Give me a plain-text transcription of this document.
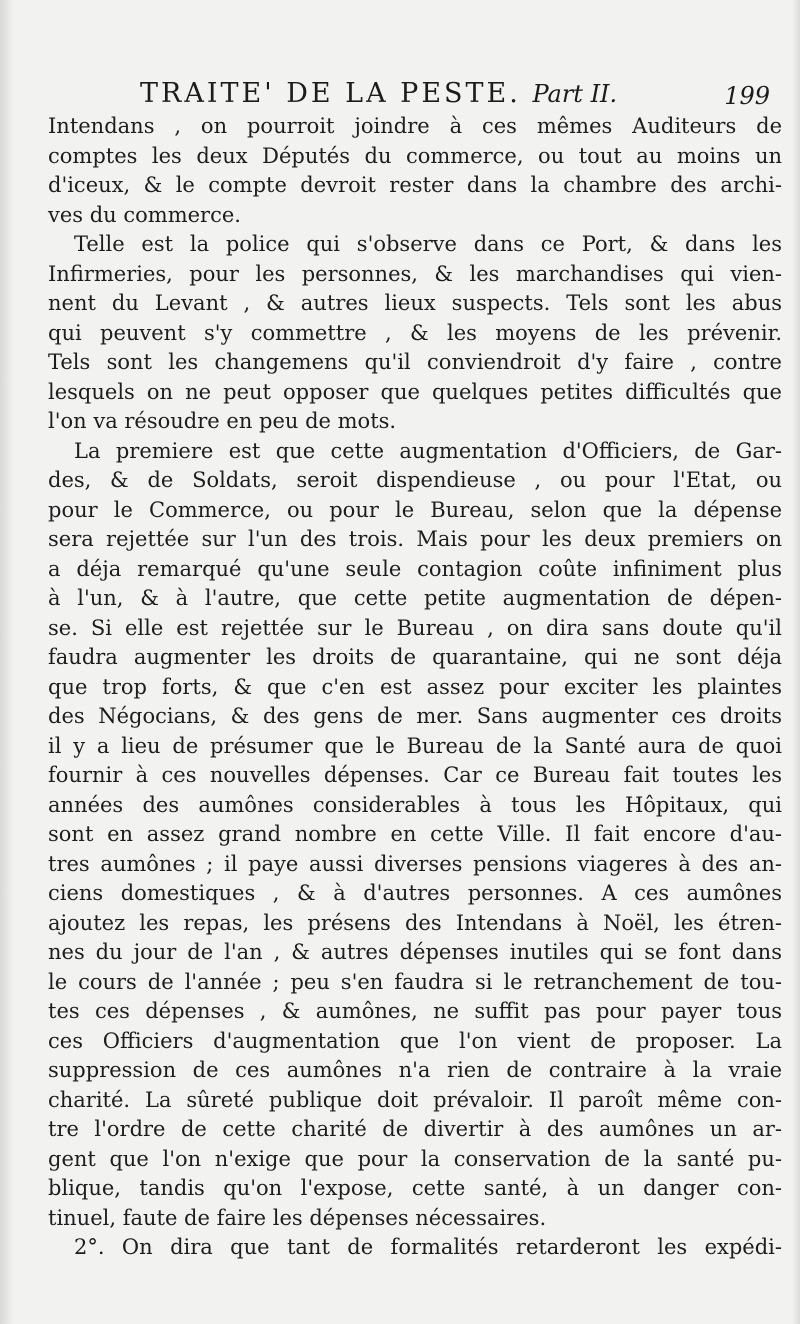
TRAITE' DE LA PESTE. Part II.	199

Intendans , on pourroit joindre à ces mêmes Auditeurs de
comptes les deux Députés du commerce, ou tout au moins un
d'iceux, & le compte devroit rester dans la chambre des archi-
ves du commerce.

Telle est la police qui s'observe dans ce Port, & dans les
Infirmeries, pour les personnes, & les marchandises qui vien-
nent du Levant , & autres lieux suspects. Tels sont les abus
qui peuvent s'y commettre , & les moyens de les prévenir.
Tels sont les changemens qu'il conviendroit d'y faire , contre
lesquels on ne peut opposer que quelques petites difficultés que
l'on va résoudre en peu de mots.

La premiere est que cette augmentation d'Officiers, de Gar-
des, & de Soldats, seroit dispendieuse , ou pour l'Etat, ou
pour le Commerce, ou pour le Bureau, selon que la dépense
sera rejettée sur l'un des trois. Mais pour les deux premiers on
a déja remarqué qu'une seule contagion coûte infiniment plus
à l'un, & à l'autre, que cette petite augmentation de dépen-
se. Si elle est rejettée sur le Bureau , on dira sans doute qu'il
faudra augmenter les droits de quarantaine, qui ne sont déja
que trop forts, & que c'en est assez pour exciter les plaintes
des Négocians, & des gens de mer. Sans augmenter ces droits
il y a lieu de présumer que le Bureau de la Santé aura de quoi
fournir à ces nouvelles dépenses. Car ce Bureau fait toutes les
années des aumônes considerables à tous les Hôpitaux, qui
sont en assez grand nombre en cette Ville. Il fait encore d'au-
tres aumônes ; il paye aussi diverses pensions viageres à des an-
ciens domestiques , & à d'autres personnes. A ces aumônes
ajoutez les repas, les présens des Intendans à Noël, les étren-
nes du jour de l'an , & autres dépenses inutiles qui se font dans
le cours de l'année ; peu s'en faudra si le retranchement de tou-
tes ces dépenses , & aumônes, ne suffit pas pour payer tous
ces Officiers d'augmentation que l'on vient de proposer. La
suppression de ces aumônes n'a rien de contraire à la vraie
charité. La sûreté publique doit prévaloir. Il paroît même con-
tre l'ordre de cette charité de divertir à des aumônes un ar-
gent que l'on n'exige que pour la conservation de la santé pu-
blique, tandis qu'on l'expose, cette santé, à un danger con-
tinuel, faute de faire les dépenses nécessaires.

2°. On dira que tant de formalités retarderont les expédi-
